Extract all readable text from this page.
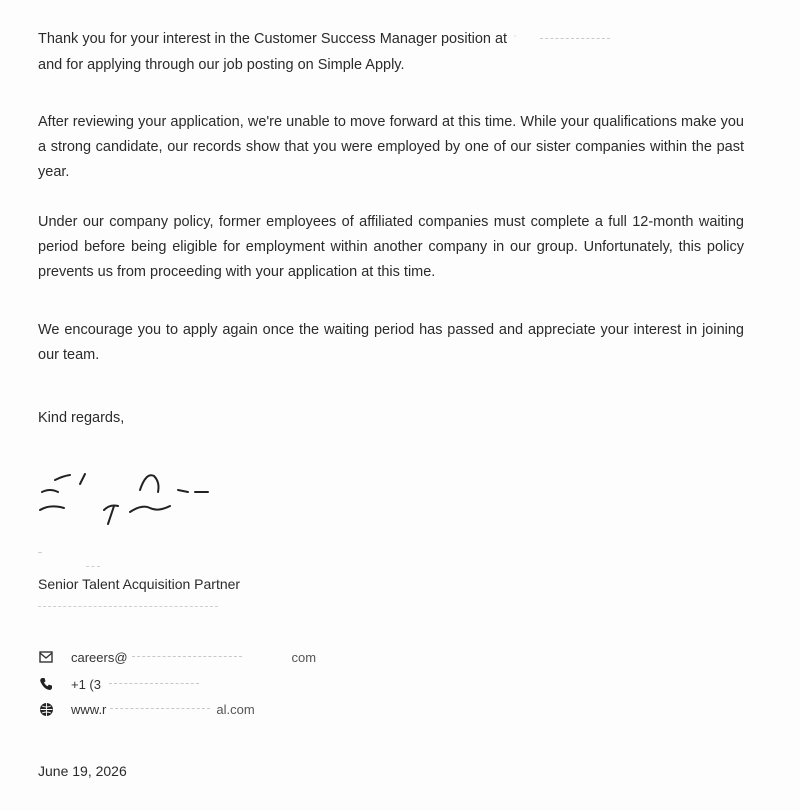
Thank you for your interest in the Customer Success Manager position at  ˙
and for applying through our job posting on Simple Apply.

After reviewing your application, we're unable to move forward at this time. While your qualifications make you a strong candidate, our records show that you were employed by one of our sister companies within the past year.

Under our company policy, former employees of affiliated companies must complete a full 12-month waiting period before being eligible for employment within another company in our group. Unfortunately, this policy prevents us from proceeding with your application at this time.

We encourage you to apply again once the waiting period has passed and appreciate your interest in joining our team.

Kind regards,

Senior Talent Acquisition Partner
careers@	com
+1 (3
www.r	al.com
June 19, 2026
